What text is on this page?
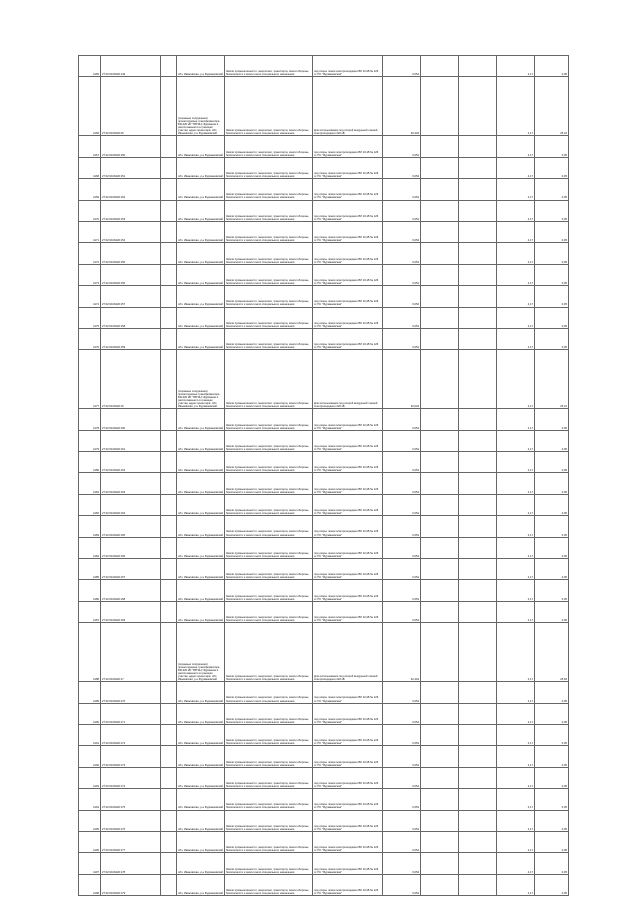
4165	27:02:0109420:149		обл. Ивановская, р-н Фурмановский	Земли промышленности, энергетики, транспорта, земли обороны, безопасности и земли иного специального назначения	под опоры линии электропередачи ВЛ 10 кВ № 126 от ПС "Фурмановская"	0,054			4,17	0,05
4166	27:02:0109420:46		(охранные сооружения) проектируемые трансформатора БЯ-220 кВ "ТФТЭЦ"-Фурманов-1 расположенного в границах участка, адрес ориентира: обл. Ивановская, р-н Фурмановский	Земли промышленности, энергетики, транспорта, земли обороны, безопасности и земли иного специального назначения	Для использования под опорой воздушной линией электропередачи 220 кВ	30,404			4,17	25,34
4167	27:02:0109420:150		обл. Ивановская, р-н Фурмановский	Земли промышленности, энергетики, транспорта, земли обороны, безопасности и земли иного специального назначения	под опоры линии электропередачи ВЛ 10 кВ № 126 от ПС "Фурмановская"	0,054			4,17	0,05
4168	27:02:0109420:151		обл. Ивановская, р-н Фурмановский	Земли промышленности, энергетики, транспорта, земли обороны, безопасности и земли иного специального назначения	под опоры линии электропередачи ВЛ 10 кВ № 126 от ПС "Фурмановская"	0,054			4,17	0,05
4169	27:02:0109420:152		обл. Ивановская, р-н Фурмановский	Земли промышленности, энергетики, транспорта, земли обороны, безопасности и земли иного специального назначения	под опоры линии электропередачи ВЛ 10 кВ № 126 от ПС "Фурмановская"	0,054			4,17	0,05
4170	27:02:0109420:153		обл. Ивановская, р-н Фурмановский	Земли промышленности, энергетики, транспорта, земли обороны, безопасности и земли иного специального назначения	под опоры линии электропередачи ВЛ 10 кВ № 126 от ПС "Фурмановская"	0,054			4,17	0,05
4171	27:02:0109420:154		обл. Ивановская, р-н Фурмановский	Земли промышленности, энергетики, транспорта, земли обороны, безопасности и земли иного специального назначения	под опоры линии электропередачи ВЛ 10 кВ № 126 от ПС "Фурмановская"	0,054			4,17	0,05
4172	27:02:0109420:155		обл. Ивановская, р-н Фурмановский	Земли промышленности, энергетики, транспорта, земли обороны, безопасности и земли иного специального назначения	под опоры линии электропередачи ВЛ 10 кВ № 126 от ПС "Фурмановская"	0,054			4,17	0,05
4173	27:02:0109420:156		обл. Ивановская, р-н Фурмановский	Земли промышленности, энергетики, транспорта, земли обороны, безопасности и земли иного специального назначения	под опоры линии электропередачи ВЛ 10 кВ № 126 от ПС "Фурмановская"	0,054			4,17	0,05
4174	27:02:0109420:157		обл. Ивановская, р-н Фурмановский	Земли промышленности, энергетики, транспорта, земли обороны, безопасности и земли иного специального назначения	под опоры линии электропередачи ВЛ 10 кВ № 126 от ПС "Фурмановская"	0,054			4,17	0,05
4175	27:02:0109420:158		обл. Ивановская, р-н Фурмановский	Земли промышленности, энергетики, транспорта, земли обороны, безопасности и земли иного специального назначения	под опоры линии электропередачи ВЛ 10 кВ № 126 от ПС "Фурмановская"	0,054			4,17	0,05
4176	27:02:0109420:159		обл. Ивановская, р-н Фурмановский	Земли промышленности, энергетики, транспорта, земли обороны, безопасности и земли иного специального назначения	под опоры линии электропередачи ВЛ 10 кВ № 126 от ПС "Фурмановская"	0,054			4,17	0,05
4177	27:02:0109420:15		(охранные сооружения) проектируемые трансформатора БЯ-220 кВ "ТФТЭЦ"-Фурманов-1 расположенного в границах участка, адрес ориентира: обл. Ивановская, р-н Фурмановский	Земли промышленности, энергетики, транспорта, земли обороны, безопасности и земли иного специального назначения	Для использования под опорой воздушной линией электропередачи 220 кВ	30,004			4,17	25,01
4178	27:02:0109420:160		обл. Ивановская, р-н Фурмановский	Земли промышленности, энергетики, транспорта, земли обороны, безопасности и земли иного специального назначения	под опоры линии электропередачи ВЛ 10 кВ № 126 от ПС "Фурмановская"	0,054			4,17	0,05
4179	27:02:0109420:161		обл. Ивановская, р-н Фурмановский	Земли промышленности, энергетики, транспорта, земли обороны, безопасности и земли иного специального назначения	под опоры линии электропередачи ВЛ 10 кВ № 126 от ПС "Фурмановская"	0,054			4,17	0,05
4180	27:02:0109420:162		обл. Ивановская, р-н Фурмановский	Земли промышленности, энергетики, транспорта, земли обороны, безопасности и земли иного специального назначения	под опоры линии электропередачи ВЛ 10 кВ № 126 от ПС "Фурмановская"	0,054			4,17	0,05
4181	27:02:0109420:163		обл. Ивановская, р-н Фурмановский	Земли промышленности, энергетики, транспорта, земли обороны, безопасности и земли иного специального назначения	под опоры линии электропередачи ВЛ 10 кВ № 126 от ПС "Фурмановская"	0,054			4,17	0,05
4182	27:02:0109420:164		обл. Ивановская, р-н Фурмановский	Земли промышленности, энергетики, транспорта, земли обороны, безопасности и земли иного специального назначения	под опоры линии электропередачи ВЛ 10 кВ № 126 от ПС "Фурмановская"	0,054			4,17	0,05
4183	27:02:0109420:165		обл. Ивановская, р-н Фурмановский	Земли промышленности, энергетики, транспорта, земли обороны, безопасности и земли иного специального назначения	под опоры линии электропередачи ВЛ 10 кВ № 126 от ПС "Фурмановская"	0,054			4,17	0,05
4184	27:02:0109420:166		обл. Ивановская, р-н Фурмановский	Земли промышленности, энергетики, транспорта, земли обороны, безопасности и земли иного специального назначения	под опоры линии электропередачи ВЛ 10 кВ № 126 от ПС "Фурмановская"	0,054			4,17	0,05
4185	27:02:0109420:167		обл. Ивановская, р-н Фурмановский	Земли промышленности, энергетики, транспорта, земли обороны, безопасности и земли иного специального назначения	под опоры линии электропередачи ВЛ 10 кВ № 126 от ПС "Фурмановская"	0,054			4,17	0,05
4186	27:02:0109420:168		обл. Ивановская, р-н Фурмановский	Земли промышленности, энергетики, транспорта, земли обороны, безопасности и земли иного специального назначения	под опоры линии электропередачи ВЛ 10 кВ № 126 от ПС "Фурмановская"	0,054			4,17	0,05
4187	27:02:0109420:169		обл. Ивановская, р-н Фурмановский	Земли промышленности, энергетики, транспорта, земли обороны, безопасности и земли иного специального назначения	под опоры линии электропередачи ВЛ 10 кВ № 126 от ПС "Фурмановская"	0,054			4,17	0,05
4188	27:02:0109420:17		(охранные сооружения) проектируемые трансформатора БЯ-220 кВ "ТФТЭЦ"-Фурманов-1 расположенного в границах участка, адрес ориентира: обл. Ивановская, р-н Фурмановский	Земли промышленности, энергетики, транспорта, земли обороны, безопасности и земли иного специального назначения	Для использования под опорой воздушной линией электропередачи 220 кВ	32,404			4,17	25,84
4189	27:02:0109420:170		обл. Ивановская, р-н Фурмановский	Земли промышленности, энергетики, транспорта, земли обороны, безопасности и земли иного специального назначения	под опоры линии электропередачи ВЛ 10 кВ № 126 от ПС "Фурмановская"	0,054			4,17	0,05
4190	27:02:0109420:171		обл. Ивановская, р-н Фурмановский	Земли промышленности, энергетики, транспорта, земли обороны, безопасности и земли иного специального назначения	под опоры линии электропередачи ВЛ 10 кВ № 126 от ПС "Фурмановская"	0,054			4,17	0,05
4191	27:02:0109420:172		обл. Ивановская, р-н Фурмановский	Земли промышленности, энергетики, транспорта, земли обороны, безопасности и земли иного специального назначения	под опоры линии электропередачи ВЛ 10 кВ № 126 от ПС "Фурмановская"	0,054			4,17	0,05
4192	27:02:0109420:173		обл. Ивановская, р-н Фурмановский	Земли промышленности, энергетики, транспорта, земли обороны, безопасности и земли иного специального назначения	под опоры линии электропередачи ВЛ 10 кВ № 126 от ПС "Фурмановская"	0,054			4,17	0,05
4193	27:02:0109420:174		обл. Ивановская, р-н Фурмановский	Земли промышленности, энергетики, транспорта, земли обороны, безопасности и земли иного специального назначения	под опоры линии электропередачи ВЛ 10 кВ № 126 от ПС "Фурмановская"	0,054			4,17	0,05
4194	27:02:0109420:175		обл. Ивановская, р-н Фурмановский	Земли промышленности, энергетики, транспорта, земли обороны, безопасности и земли иного специального назначения	под опоры линии электропередачи ВЛ 10 кВ № 126 от ПС "Фурмановская"	0,054			4,17	0,05
4195	27:02:0109420:176		обл. Ивановская, р-н Фурмановский	Земли промышленности, энергетики, транспорта, земли обороны, безопасности и земли иного специального назначения	под опоры линии электропередачи ВЛ 10 кВ № 126 от ПС "Фурмановская"	0,054			4,17	0,05
4196	27:02:0109420:177		обл. Ивановская, р-н Фурмановский	Земли промышленности, энергетики, транспорта, земли обороны, безопасности и земли иного специального назначения	под опоры линии электропередачи ВЛ 10 кВ № 126 от ПС "Фурмановская"	0,054			4,17	0,05
4197	27:02:0109420:178		обл. Ивановская, р-н Фурмановский	Земли промышленности, энергетики, транспорта, земли обороны, безопасности и земли иного специального назначения	под опоры линии электропередачи ВЛ 10 кВ № 126 от ПС "Фурмановская"	0,054			4,17	0,05
4198	27:02:0109420:179		обл. Ивановская, р-н Фурмановский	Земли промышленности, энергетики, транспорта, земли обороны, безопасности и земли иного специального назначения	под опоры линии электропередачи ВЛ 10 кВ № 126 от ПС "Фурмановская"	0,054			4,17	0,05
